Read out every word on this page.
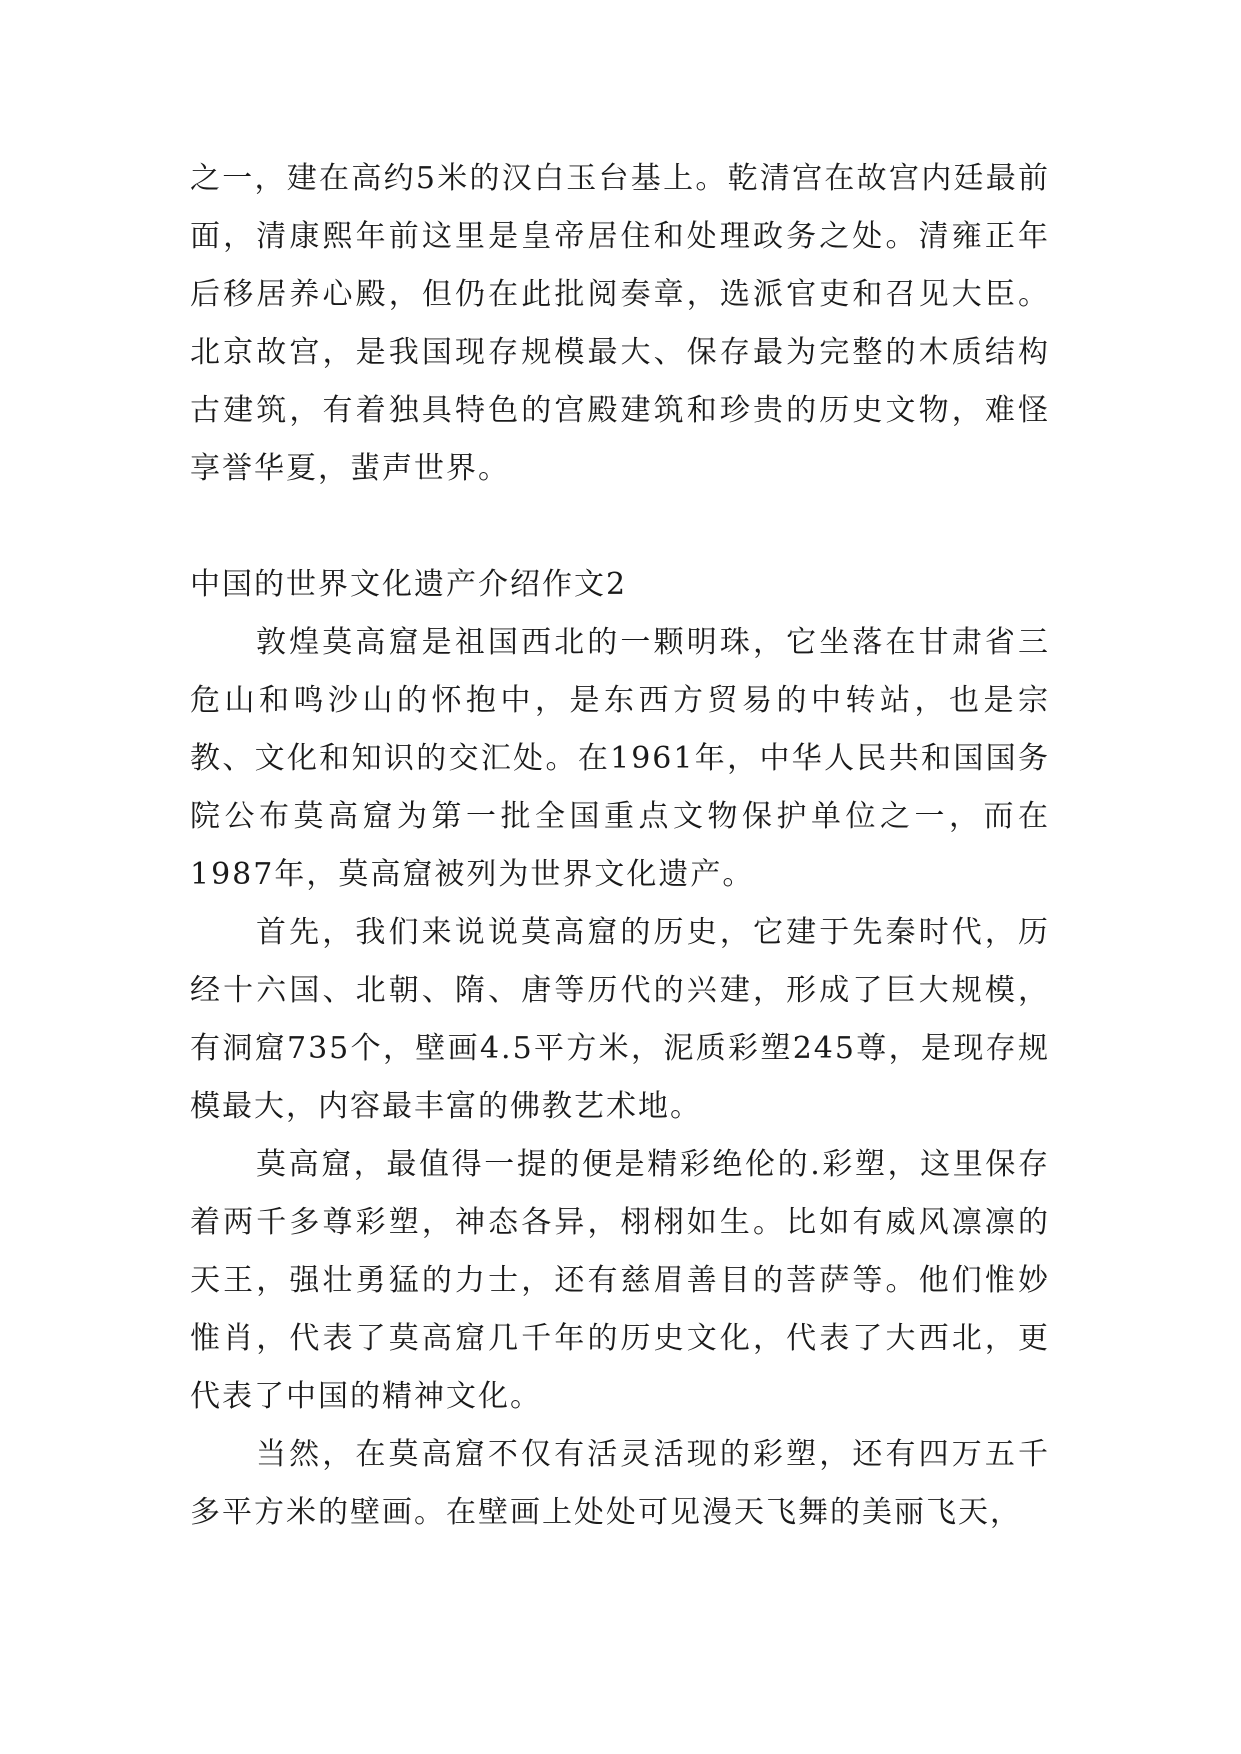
之一，建在高约5米的汉白玉台基上。乾清宫在故宫内廷最前面，清康熙年前这里是皇帝居住和处理政务之处。清雍正年后移居养心殿，但仍在此批阅奏章，选派官吏和召见大臣。北京故宫，是我国现存规模最大、保存最为完整的木质结构古建筑，有着独具特色的宫殿建筑和珍贵的历史文物，难怪享誉华夏，蜚声世界。

中国的世界文化遗产介绍作文2

敦煌莫高窟是祖国西北的一颗明珠，它坐落在甘肃省三危山和鸣沙山的怀抱中，是东西方贸易的中转站，也是宗教、文化和知识的交汇处。在1961年，中华人民共和国国务院公布莫高窟为第一批全国重点文物保护单位之一，而在1987年，莫高窟被列为世界文化遗产。

首先，我们来说说莫高窟的历史，它建于先秦时代，历经十六国、北朝、隋、唐等历代的兴建，形成了巨大规模，有洞窟735个，壁画4.5平方米，泥质彩塑245尊，是现存规模最大，内容最丰富的佛教艺术地。

莫高窟，最值得一提的便是精彩绝伦的.彩塑，这里保存着两千多尊彩塑，神态各异，栩栩如生。比如有威风凛凛的天王，强壮勇猛的力士，还有慈眉善目的菩萨等。他们惟妙惟肖，代表了莫高窟几千年的历史文化，代表了大西北，更代表了中国的精神文化。

当然，在莫高窟不仅有活灵活现的彩塑，还有四万五千多平方米的壁画。在壁画上处处可见漫天飞舞的美丽飞天，
